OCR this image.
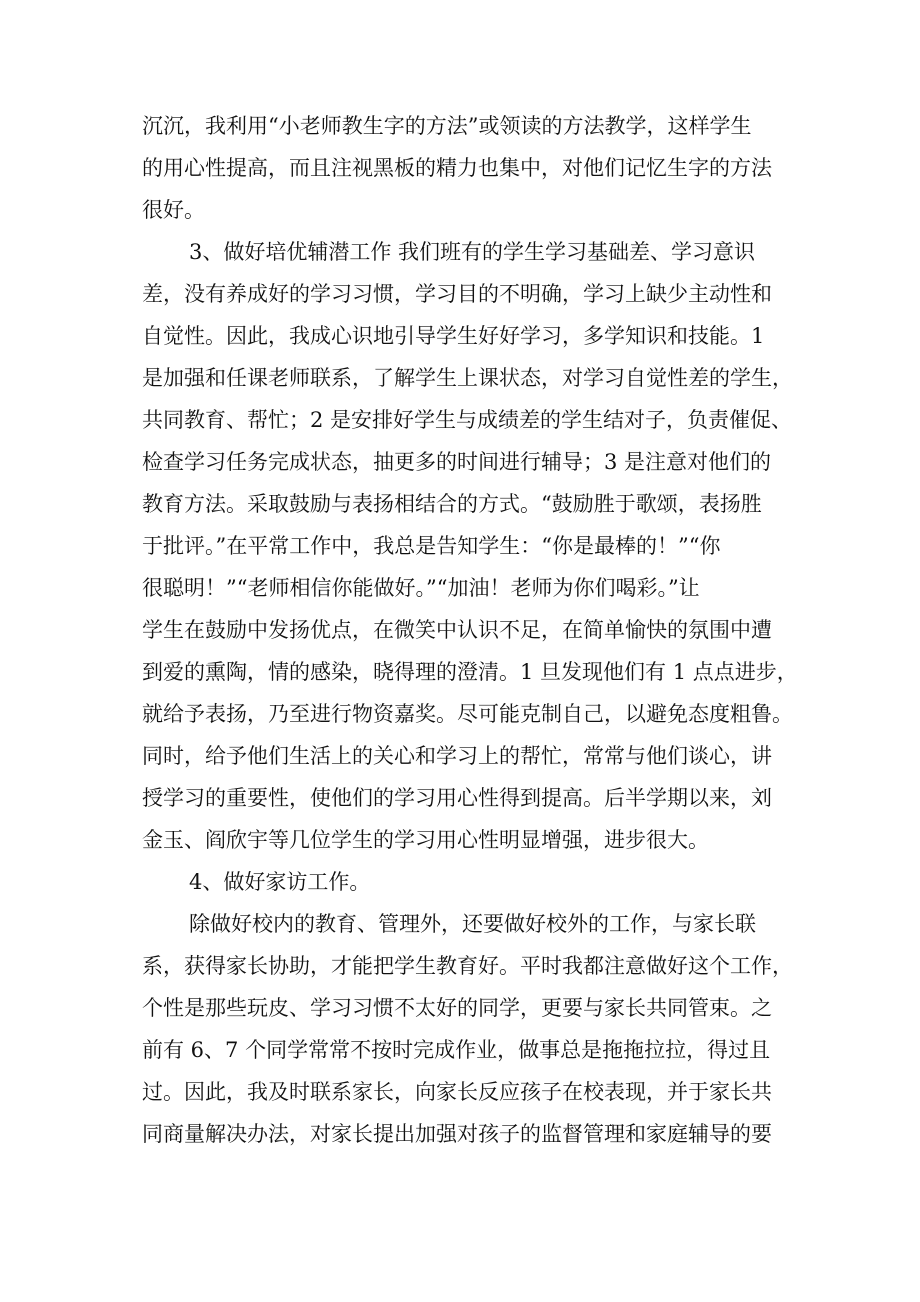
沉沉，我利用“小老师教生字的方法”或领读的方法教学，这样学生
的用心性提高，而且注视黑板的精力也集中，对他们记忆生字的方法
很好。
3、做好培优辅潜工作 我们班有的学生学习基础差、学习意识
差，没有养成好的学习习惯，学习目的不明确，学习上缺少主动性和
自觉性。因此，我成心识地引导学生好好学习，多学知识和技能。1
是加强和任课老师联系，了解学生上课状态，对学习自觉性差的学生，
共同教育、帮忙；2 是安排好学生与成绩差的学生结对子，负责催促、
检查学习任务完成状态，抽更多的时间进行辅导；3 是注意对他们的
教育方法。采取鼓励与表扬相结合的方式。“鼓励胜于歌颂，表扬胜
于批评。”在平常工作中，我总是告知学生：“你是最棒的！”“你
很聪明！”“老师相信你能做好。”“加油！老师为你们喝彩。”让
学生在鼓励中发扬优点，在微笑中认识不足，在简单愉快的氛围中遭
到爱的熏陶，情的感染，晓得理的澄清。1 旦发现他们有 1 点点进步，
就给予表扬，乃至进行物资嘉奖。尽可能克制自己，以避免态度粗鲁。
同时，给予他们生活上的关心和学习上的帮忙，常常与他们谈心，讲
授学习的重要性，使他们的学习用心性得到提高。后半学期以来，刘
金玉、阎欣宇等几位学生的学习用心性明显增强，进步很大。
4、做好家访工作。
除做好校内的教育、管理外，还要做好校外的工作，与家长联
系，获得家长协助，才能把学生教育好。平时我都注意做好这个工作，
个性是那些玩皮、学习习惯不太好的同学，更要与家长共同管束。之
前有 6、7 个同学常常不按时完成作业，做事总是拖拖拉拉，得过且
过。因此，我及时联系家长，向家长反应孩子在校表现，并于家长共
同商量解决办法，对家长提出加强对孩子的监督管理和家庭辅导的要
